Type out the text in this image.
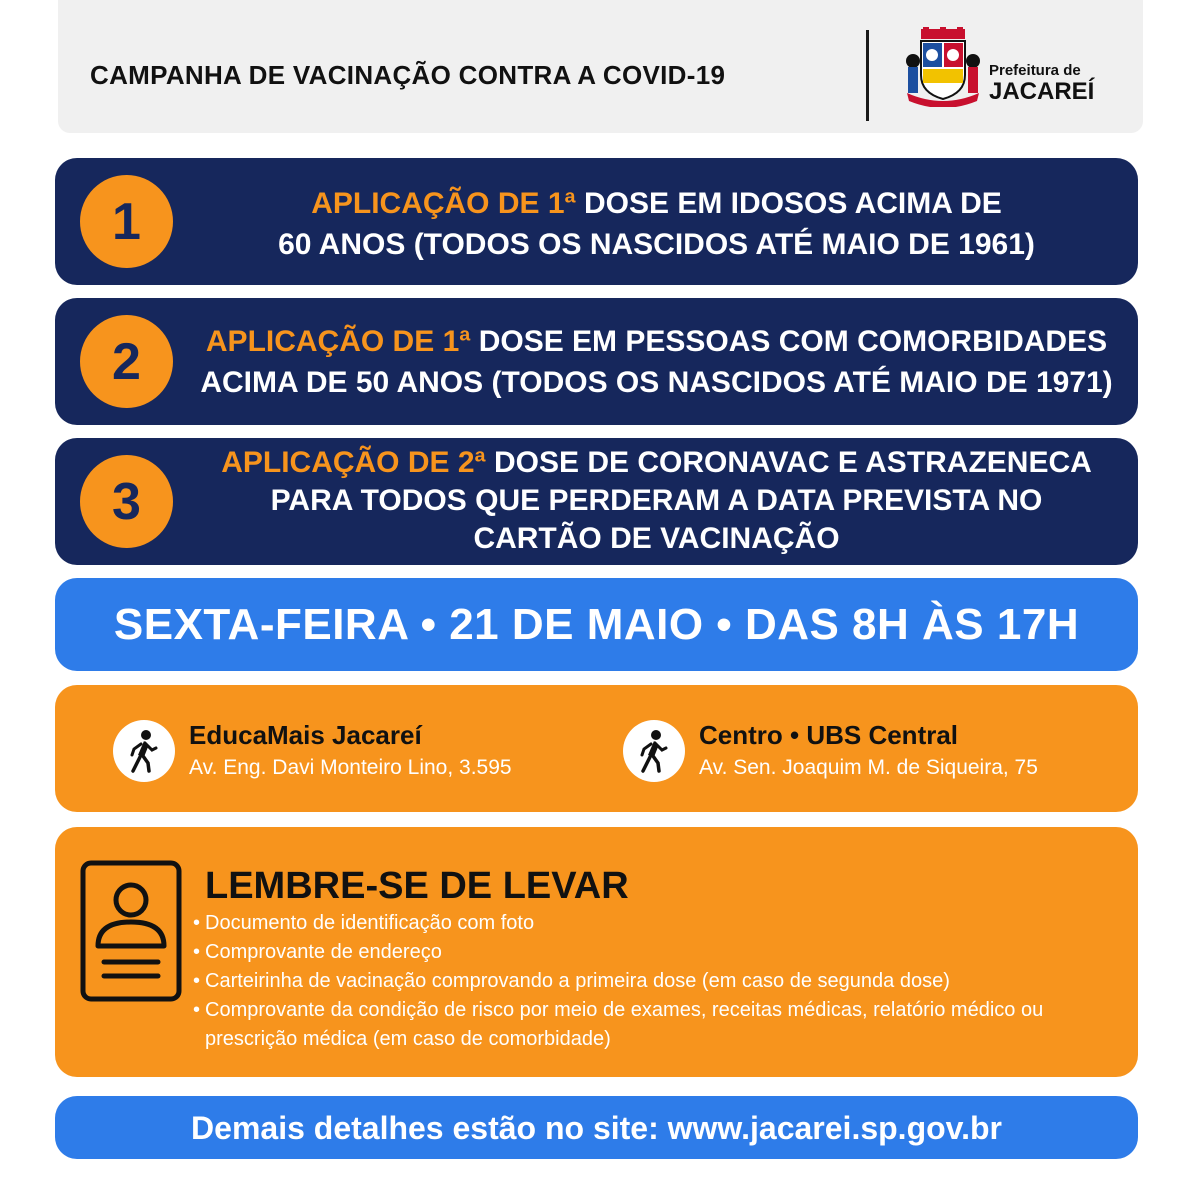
CAMPANHA DE VACINAÇÃO CONTRA A COVID-19	Prefeitura de
JACAREÍ
1	APLICAÇÃO DE 1ª DOSE EM IDOSOS ACIMA DE
60 ANOS (TODOS OS NASCIDOS ATÉ MAIO DE 1961)

2	APLICAÇÃO DE 1ª DOSE EM PESSOAS COM COMORBIDADES
ACIMA DE 50 ANOS (TODOS OS NASCIDOS ATÉ MAIO DE 1971)

3

APLICAÇÃO DE 2ª DOSE DE CORONAVAC E ASTRAZENECA
PARA TODOS QUE PERDERAM A DATA PREVISTA NO
CARTÃO DE VACINAÇÃO

SEXTA-FEIRA • 21 DE MAIO • DAS 8H ÀS 17H

EducaMais Jacareí

Av. Eng. Davi Monteiro Lino, 3.595

Centro • UBS Central

Av. Sen. Joaquim M. de Siqueira, 75

LEMBRE-SE DE LEVAR
• Documento de identificação com foto
• Comprovante de endereço
• Carteirinha de vacinação comprovando a primeira dose (em caso de segunda dose)
• Comprovante da condição de risco por meio de exames, receitas médicas, relatório médico ou prescrição médica (em caso de comorbidade)

Demais detalhes estão no site: www.jacarei.sp.gov.br
